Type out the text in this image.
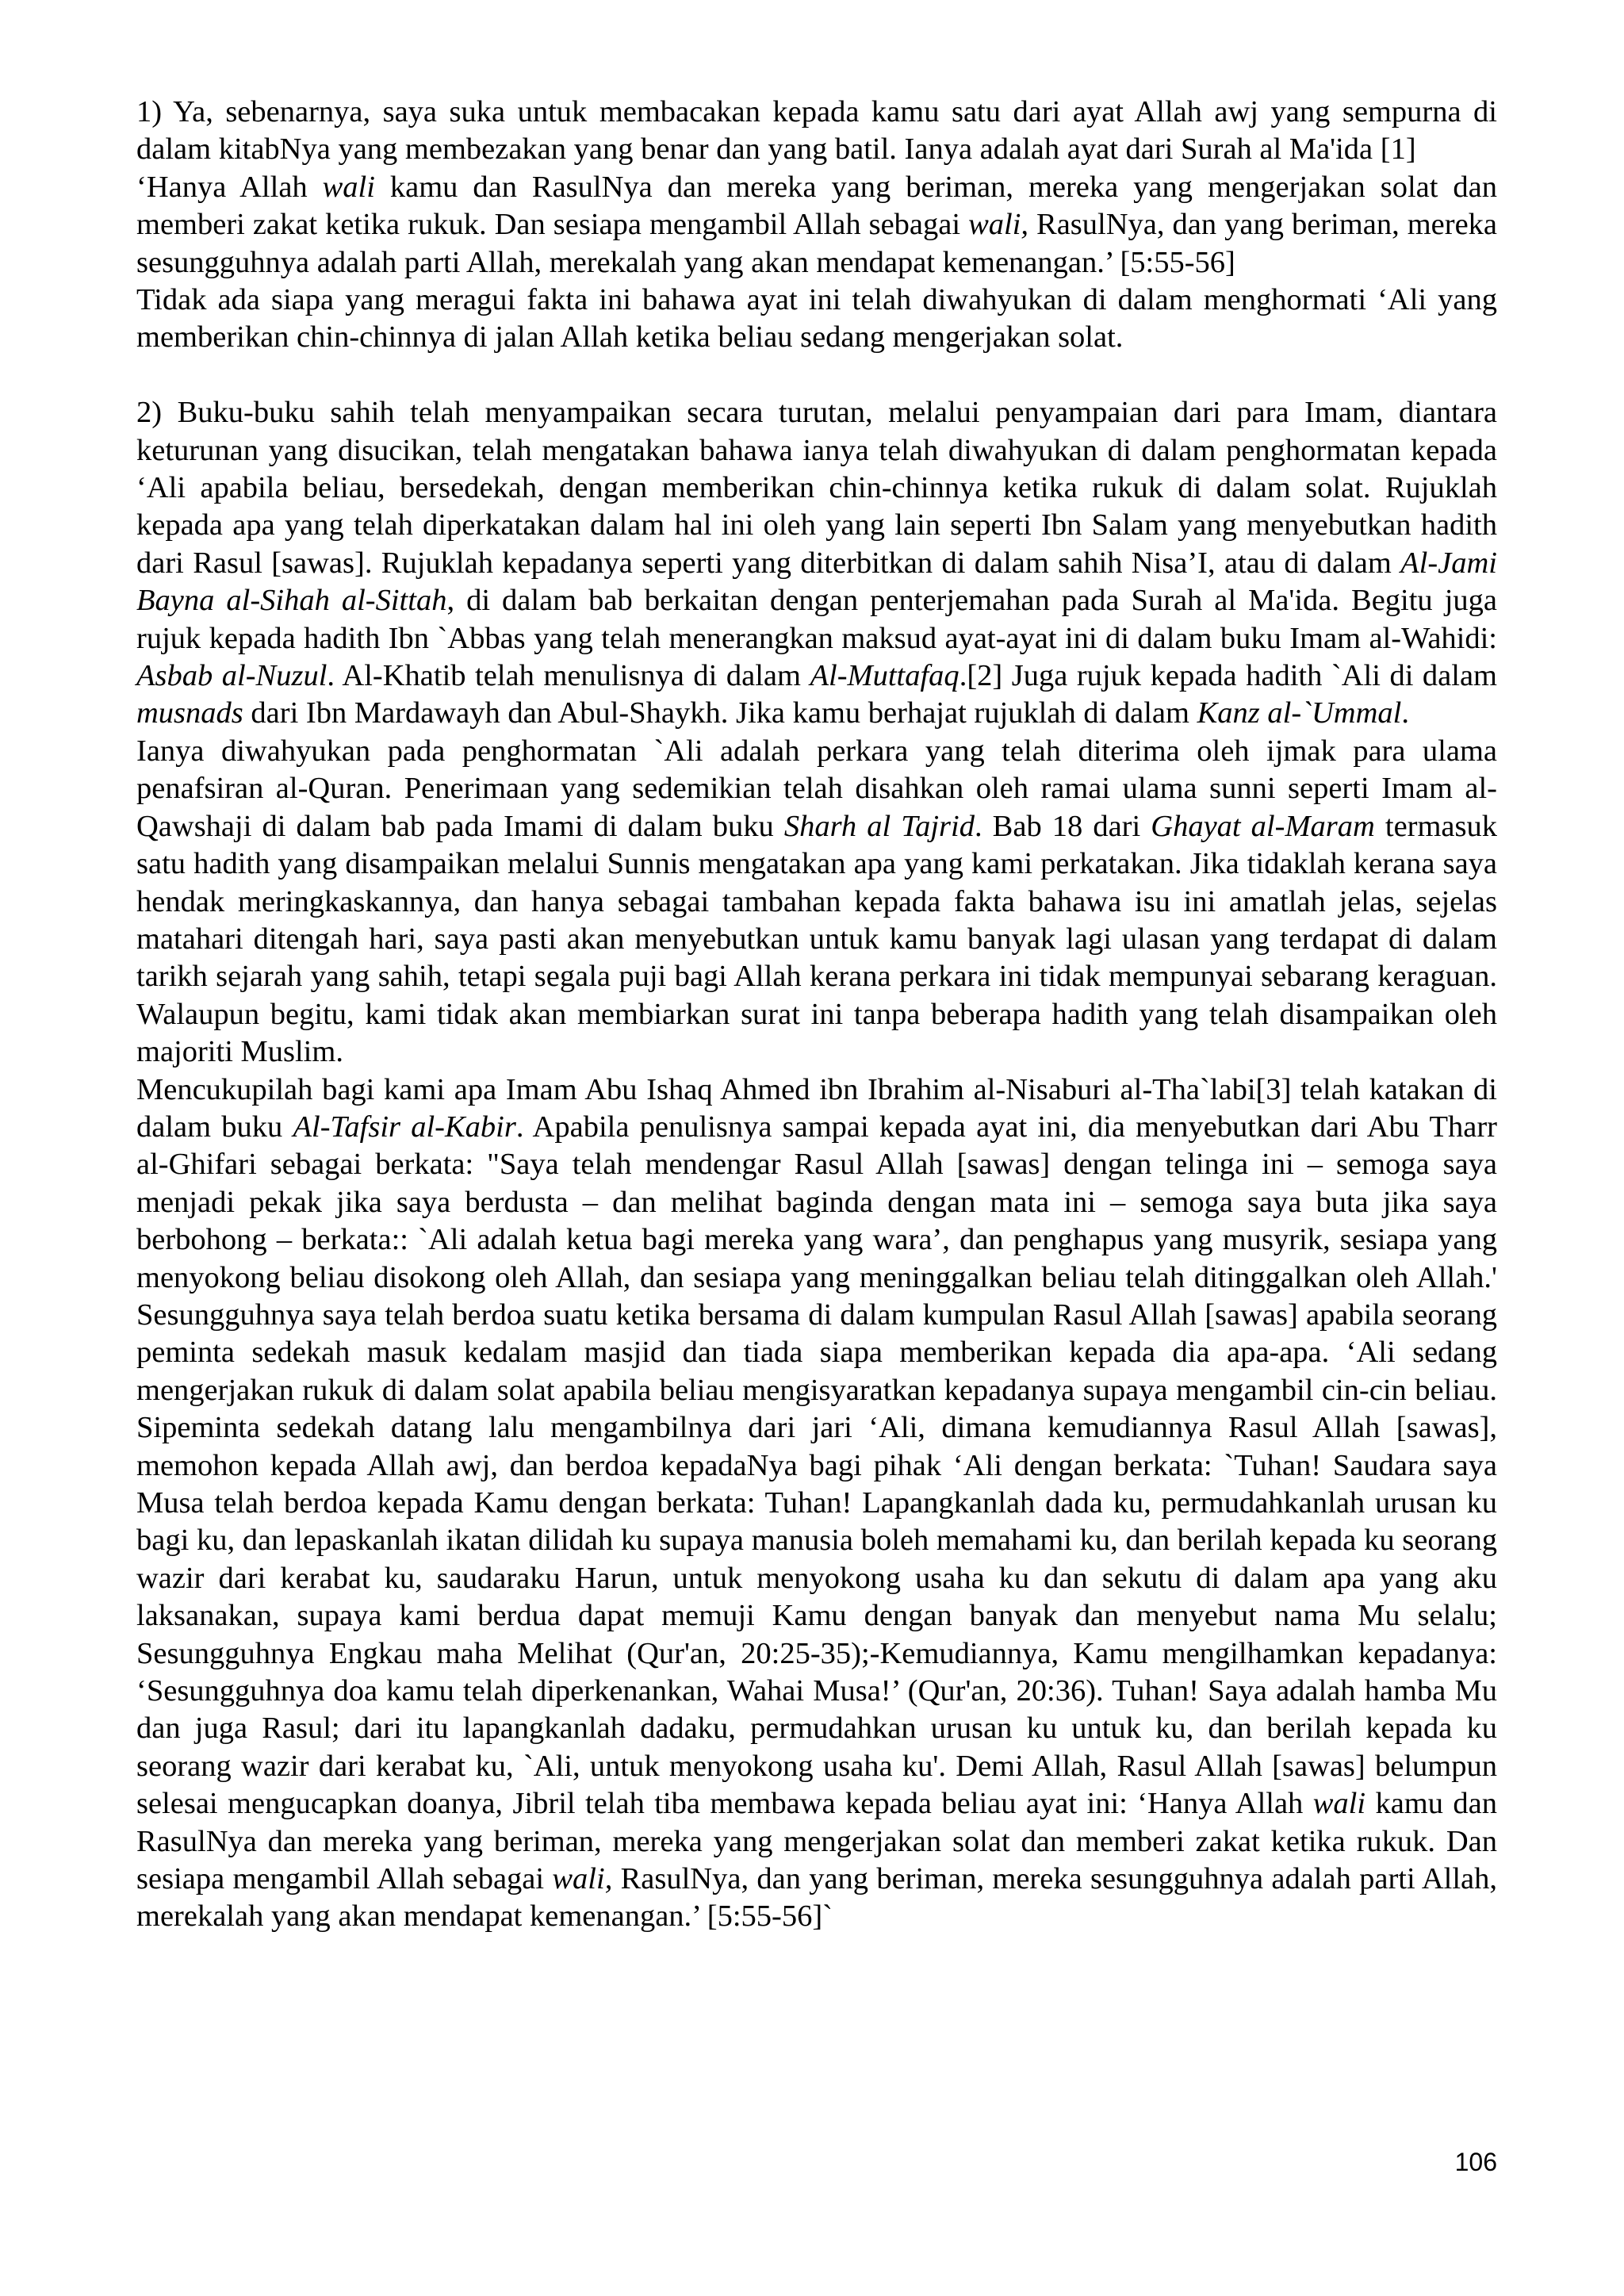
1) Ya, sebenarnya, saya suka untuk membacakan kepada kamu satu dari ayat Allah awj yang sempurna di dalam kitabNya yang membezakan yang benar dan yang batil. Ianya adalah ayat dari Surah al Ma'ida [1]

‘Hanya Allah wali kamu dan RasulNya dan mereka yang beriman, mereka yang mengerjakan solat dan memberi zakat ketika rukuk. Dan sesiapa mengambil Allah sebagai wali, RasulNya, dan yang beriman, mereka sesungguhnya adalah parti Allah, merekalah yang akan mendapat kemenangan.’ [5:55-56]

Tidak ada siapa yang meragui fakta ini bahawa ayat ini telah diwahyukan di dalam menghormati ‘Ali yang memberikan chin-chinnya di jalan Allah ketika beliau sedang mengerjakan solat.

2) Buku-buku sahih telah menyampaikan secara turutan, melalui penyampaian dari para Imam, diantara keturunan yang disucikan, telah mengatakan bahawa ianya telah diwahyukan di dalam penghormatan kepada ‘Ali apabila beliau, bersedekah, dengan memberikan chin-chinnya ketika rukuk di dalam solat. Rujuklah kepada apa yang telah diperkatakan dalam hal ini oleh yang lain seperti Ibn Salam yang menyebutkan hadith dari Rasul [sawas]. Rujuklah kepadanya seperti yang diterbitkan di dalam sahih Nisa’I, atau di dalam Al-Jami Bayna al-Sihah al-Sittah, di dalam bab berkaitan dengan penterjemahan pada Surah al Ma'ida. Begitu juga rujuk kepada hadith Ibn `Abbas yang telah menerangkan maksud ayat-ayat ini di dalam buku Imam al-Wahidi: Asbab al-Nuzul. Al-Khatib telah menulisnya di dalam Al-Muttafaq.[2] Juga rujuk kepada hadith `Ali di dalam musnads dari Ibn Mardawayh dan Abul-Shaykh. Jika kamu berhajat rujuklah di dalam Kanz al-`Ummal.

Ianya diwahyukan pada penghormatan `Ali adalah perkara yang telah diterima oleh ijmak para ulama penafsiran al-Quran. Penerimaan yang sedemikian telah disahkan oleh ramai ulama sunni seperti Imam al-Qawshaji di dalam bab pada Imami di dalam buku Sharh al Tajrid. Bab 18 dari Ghayat al-Maram termasuk satu hadith yang disampaikan melalui Sunnis mengatakan apa yang kami perkatakan. Jika tidaklah kerana saya hendak meringkaskannya, dan hanya sebagai tambahan kepada fakta bahawa isu ini amatlah jelas, sejelas matahari ditengah hari, saya pasti akan menyebutkan untuk kamu banyak lagi ulasan yang terdapat di dalam tarikh sejarah yang sahih, tetapi segala puji bagi Allah kerana perkara ini tidak mempunyai sebarang keraguan. Walaupun begitu, kami tidak akan membiarkan surat ini tanpa beberapa hadith yang telah disampaikan oleh majoriti Muslim.

Mencukupilah bagi kami apa Imam Abu Ishaq Ahmed ibn Ibrahim al-Nisaburi al-Tha`labi[3] telah katakan di dalam buku Al-Tafsir al-Kabir. Apabila penulisnya sampai kepada ayat ini, dia menyebutkan dari Abu Tharr al-Ghifari sebagai berkata: "Saya telah mendengar Rasul Allah [sawas] dengan telinga ini – semoga saya menjadi pekak jika saya berdusta – dan melihat baginda dengan mata ini – semoga saya buta jika saya berbohong – berkata:: `Ali adalah ketua bagi mereka yang wara’, dan penghapus yang musyrik, sesiapa yang menyokong beliau disokong oleh Allah, dan sesiapa yang meninggalkan beliau telah ditinggalkan oleh Allah.' Sesungguhnya saya telah berdoa suatu ketika bersama di dalam kumpulan Rasul Allah [sawas] apabila seorang peminta sedekah masuk kedalam masjid dan tiada siapa memberikan kepada dia apa-apa. ‘Ali sedang mengerjakan rukuk di dalam solat apabila beliau mengisyaratkan kepadanya supaya mengambil cin-cin beliau. Sipeminta sedekah datang lalu mengambilnya dari jari ‘Ali, dimana kemudiannya Rasul Allah [sawas], memohon kepada Allah awj, dan berdoa kepadaNya bagi pihak ‘Ali dengan berkata: `Tuhan! Saudara saya Musa telah berdoa kepada Kamu dengan berkata: Tuhan! Lapangkanlah dada ku, permudahkanlah urusan ku bagi ku, dan lepaskanlah ikatan dilidah ku supaya manusia boleh memahami ku, dan berilah kepada ku seorang wazir dari kerabat ku, saudaraku Harun, untuk menyokong usaha ku dan sekutu di dalam apa yang aku laksanakan, supaya kami berdua dapat memuji Kamu dengan banyak dan menyebut nama Mu selalu; Sesungguhnya Engkau maha Melihat (Qur'an, 20:25-35);-Kemudiannya, Kamu mengilhamkan kepadanya: ‘Sesungguhnya doa kamu telah diperkenankan, Wahai Musa!’ (Qur'an, 20:36). Tuhan! Saya adalah hamba Mu dan juga Rasul; dari itu lapangkanlah dadaku, permudahkan urusan ku untuk ku, dan berilah kepada ku seorang wazir dari kerabat ku, `Ali, untuk menyokong usaha ku'. Demi Allah, Rasul Allah [sawas] belumpun selesai mengucapkan doanya, Jibril telah tiba membawa kepada beliau ayat ini: ‘Hanya Allah wali kamu dan RasulNya dan mereka yang beriman, mereka yang mengerjakan solat dan memberi zakat ketika rukuk. Dan sesiapa mengambil Allah sebagai wali, RasulNya, dan yang beriman, mereka sesungguhnya adalah parti Allah, merekalah yang akan mendapat kemenangan.’ [5:55-56]`

106
